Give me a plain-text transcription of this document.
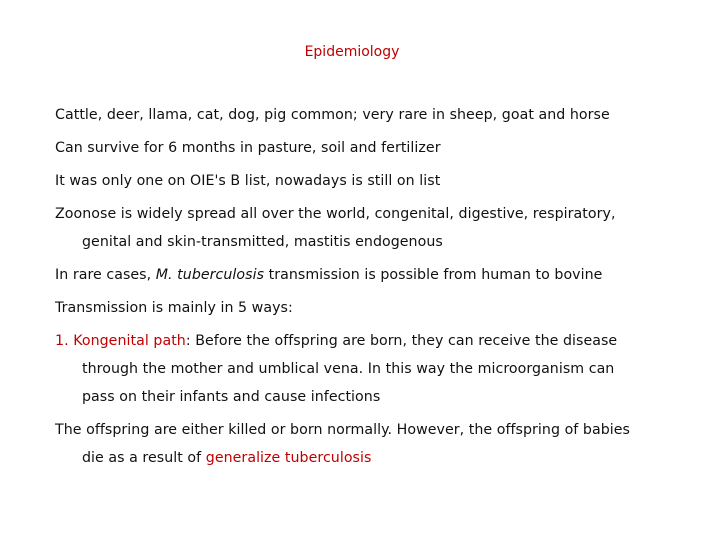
Epidemiology

Cattle, deer, llama, cat, dog, pig common; very rare in sheep, goat and horse

Can survive for 6 months in pasture, soil and fertilizer

It was only one on OIE's B list, nowadays is still on list

Zoonose is widely spread all over the world, congenital, digestive, respiratory,
genital and skin-transmitted, mastitis endogenous

In rare cases, M. tuberculosis transmission is possible from human to bovine

Transmission is mainly in 5 ways:

1. Kongenital path: Before the offspring are born, they can receive the disease
through the mother and umblical vena. In this way the microorganism can
pass on their infants and cause infections

The offspring are either killed or born normally. However, the offspring of babies
die as a result of generalize tuberculosis
